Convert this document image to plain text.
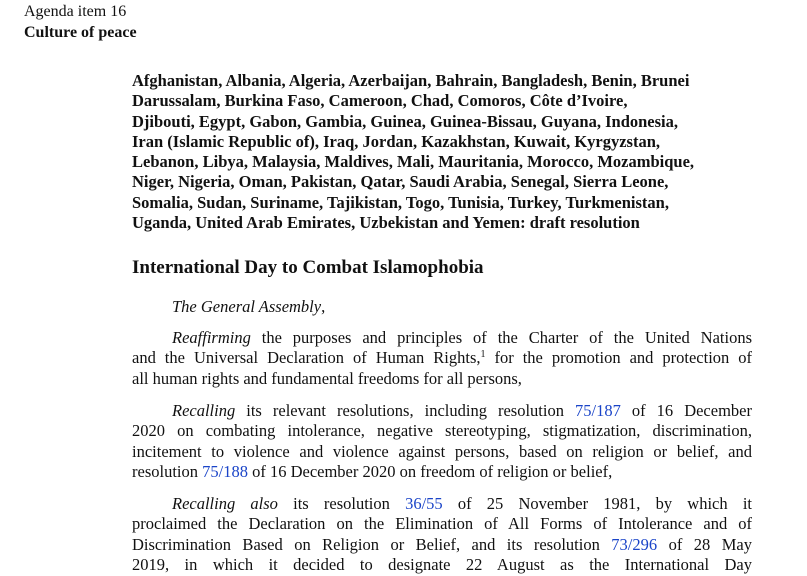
Agenda item 16
Culture of peace

Afghanistan, Albania, Algeria, Azerbaijan, Bahrain, Bangladesh, Benin, Brunei
Darussalam, Burkina Faso, Cameroon, Chad, Comoros, Côte d’Ivoire,
Djibouti, Egypt, Gabon, Gambia, Guinea, Guinea-Bissau, Guyana, Indonesia,
Iran (Islamic Republic of), Iraq, Jordan, Kazakhstan, Kuwait, Kyrgyzstan,
Lebanon, Libya, Malaysia, Maldives, Mali, Mauritania, Morocco, Mozambique,
Niger, Nigeria, Oman, Pakistan, Qatar, Saudi Arabia, Senegal, Sierra Leone,
Somalia, Sudan, Suriname, Tajikistan, Togo, Tunisia, Turkey, Turkmenistan,
Uganda, United Arab Emirates, Uzbekistan and Yemen: draft resolution

International Day to Combat Islamophobia

The General Assembly,

Reaffirming the purposes and principles of the Charter of the United Nations
and the Universal Declaration of Human Rights,$^1$ for the promotion and protection of
all human rights and fundamental freedoms for all persons,

Recalling its relevant resolutions, including resolution 75/187 of 16 December
2020 on combating intolerance, negative stereotyping, stigmatization, discrimination,
incitement to violence and violence against persons, based on religion or belief, and
resolution 75/188 of 16 December 2020 on freedom of religion or belief,

Recalling also its resolution 36/55 of 25 November 1981, by which it
proclaimed the Declaration on the Elimination of All Forms of Intolerance and of
Discrimination Based on Religion or Belief, and its resolution 73/296 of 28 May
2019, in which it decided to designate 22 August as the International Day
